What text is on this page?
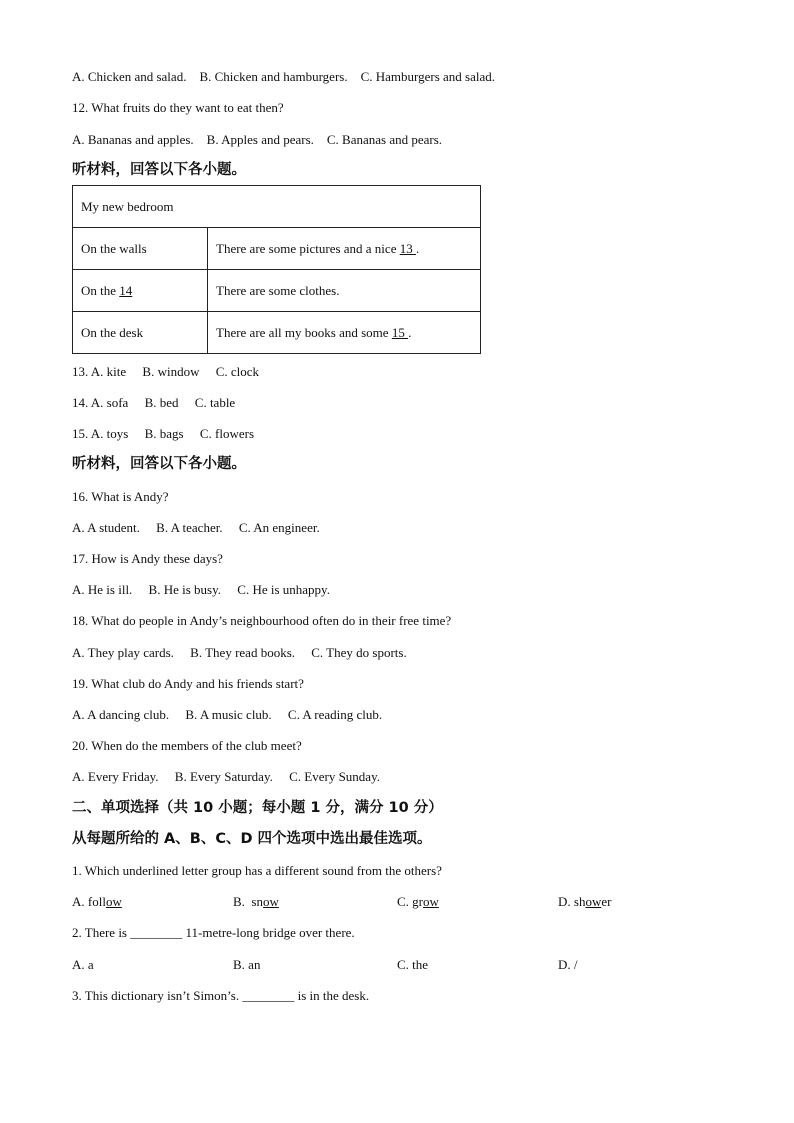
A. Chicken and salad.    B. Chicken and hamburgers.    C. Hamburgers and salad.
12. What fruits do they want to eat then?
A. Bananas and apples.    B. Apples and pears.    C. Bananas and pears.
听材料，回答以下各小题。
My new bedroom	
On the walls	There are some pictures and a nice 13 .
On the 14	There are some clothes.
On the desk	There are all my books and some 15 .
13. A. kite     B. window     C. clock
14. A. sofa     B. bed     C. table
15. A. toys     B. bags     C. flowers
听材料，回答以下各小题。
16. What is Andy?
A. A student.     B. A teacher.     C. An engineer.
17. How is Andy these days?
A. He is ill.     B. He is busy.     C. He is unhappy.
18. What do people in Andy’s neighbourhood often do in their free time?
A. They play cards.     B. They read books.     C. They do sports.
19. What club do Andy and his friends start?
A. A dancing club.     B. A music club.     C. A reading club.
20. When do the members of the club meet?
A. Every Friday.     B. Every Saturday.     C. Every Sunday.
二、单项选择（共 10 小题；每小题 1 分，满分 10 分）
从每题所给的 A、B、C、D 四个选项中选出最佳选项。
1. Which underlined letter group has a different sound from the others?
A. follow	B.  snow	C. grow	D. shower
2. There is ________ 11-metre-long bridge over there.
A. a	B. an	C. the	D. /
3. This dictionary isn’t Simon’s. ________ is in the desk.
